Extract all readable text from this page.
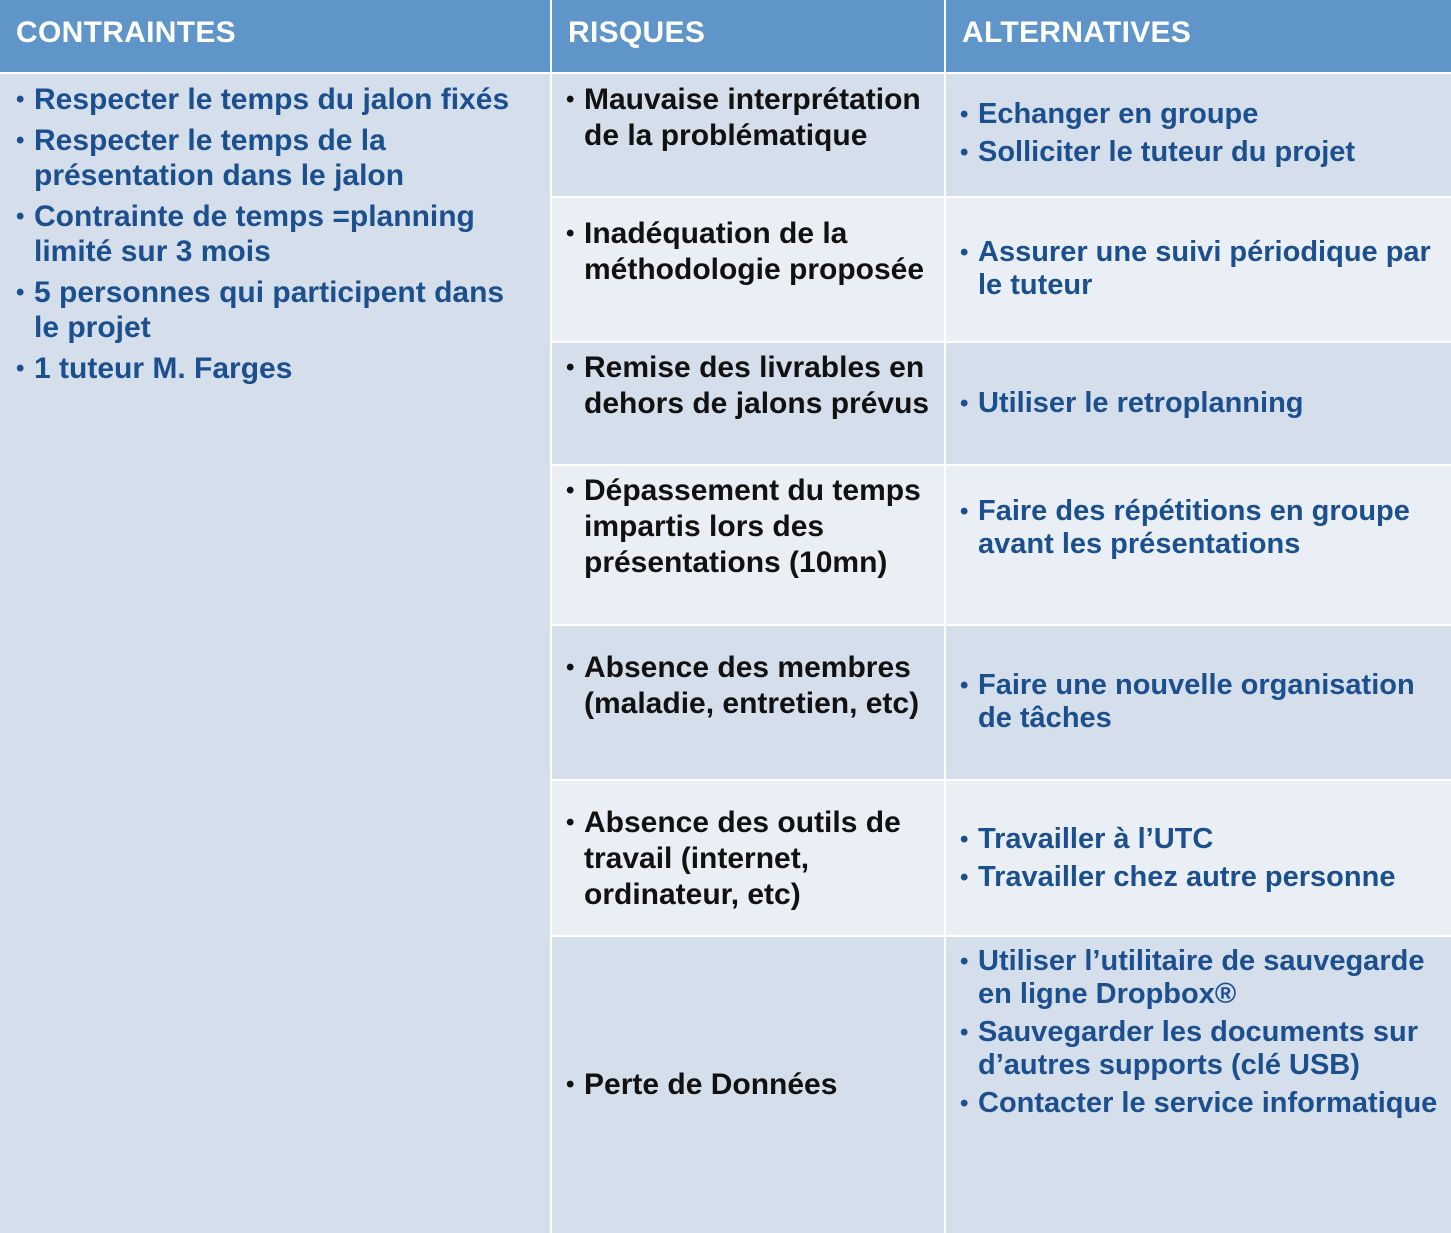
CONTRAINTES	RISQUES	ALTERNATIVES
• Respecter le temps du jalon fixés
• Respecter le temps de la présentation dans le jalon
• Contrainte de temps =planning limité sur 3 mois
• 5 personnes qui participent dans le projet
• 1 tuteur M. Farges
• Mauvaise interprétation de la problématique
• Echanger en groupe
• Solliciter le tuteur du projet
• Inadéquation de la méthodologie proposée
• Assurer une suivi périodique par le tuteur
• Remise des livrables en dehors de jalons prévus
•	Utiliser le retroplanning
• Dépassement du temps impartis lors des présentations (10mn)
• Faire des répétitions en groupe avant les présentations
• Absence des membres (maladie, entretien, etc)
• Faire une nouvelle organisation de tâches
• Absence des outils de travail (internet, ordinateur, etc)
• Travailler à l’UTC
• Travailler chez autre personne
• Perte de Données
• Utiliser l’utilitaire de sauvegarde en ligne Dropbox®
• Sauvegarder les documents sur d’autres supports (clé USB)
• Contacter le service informatique
